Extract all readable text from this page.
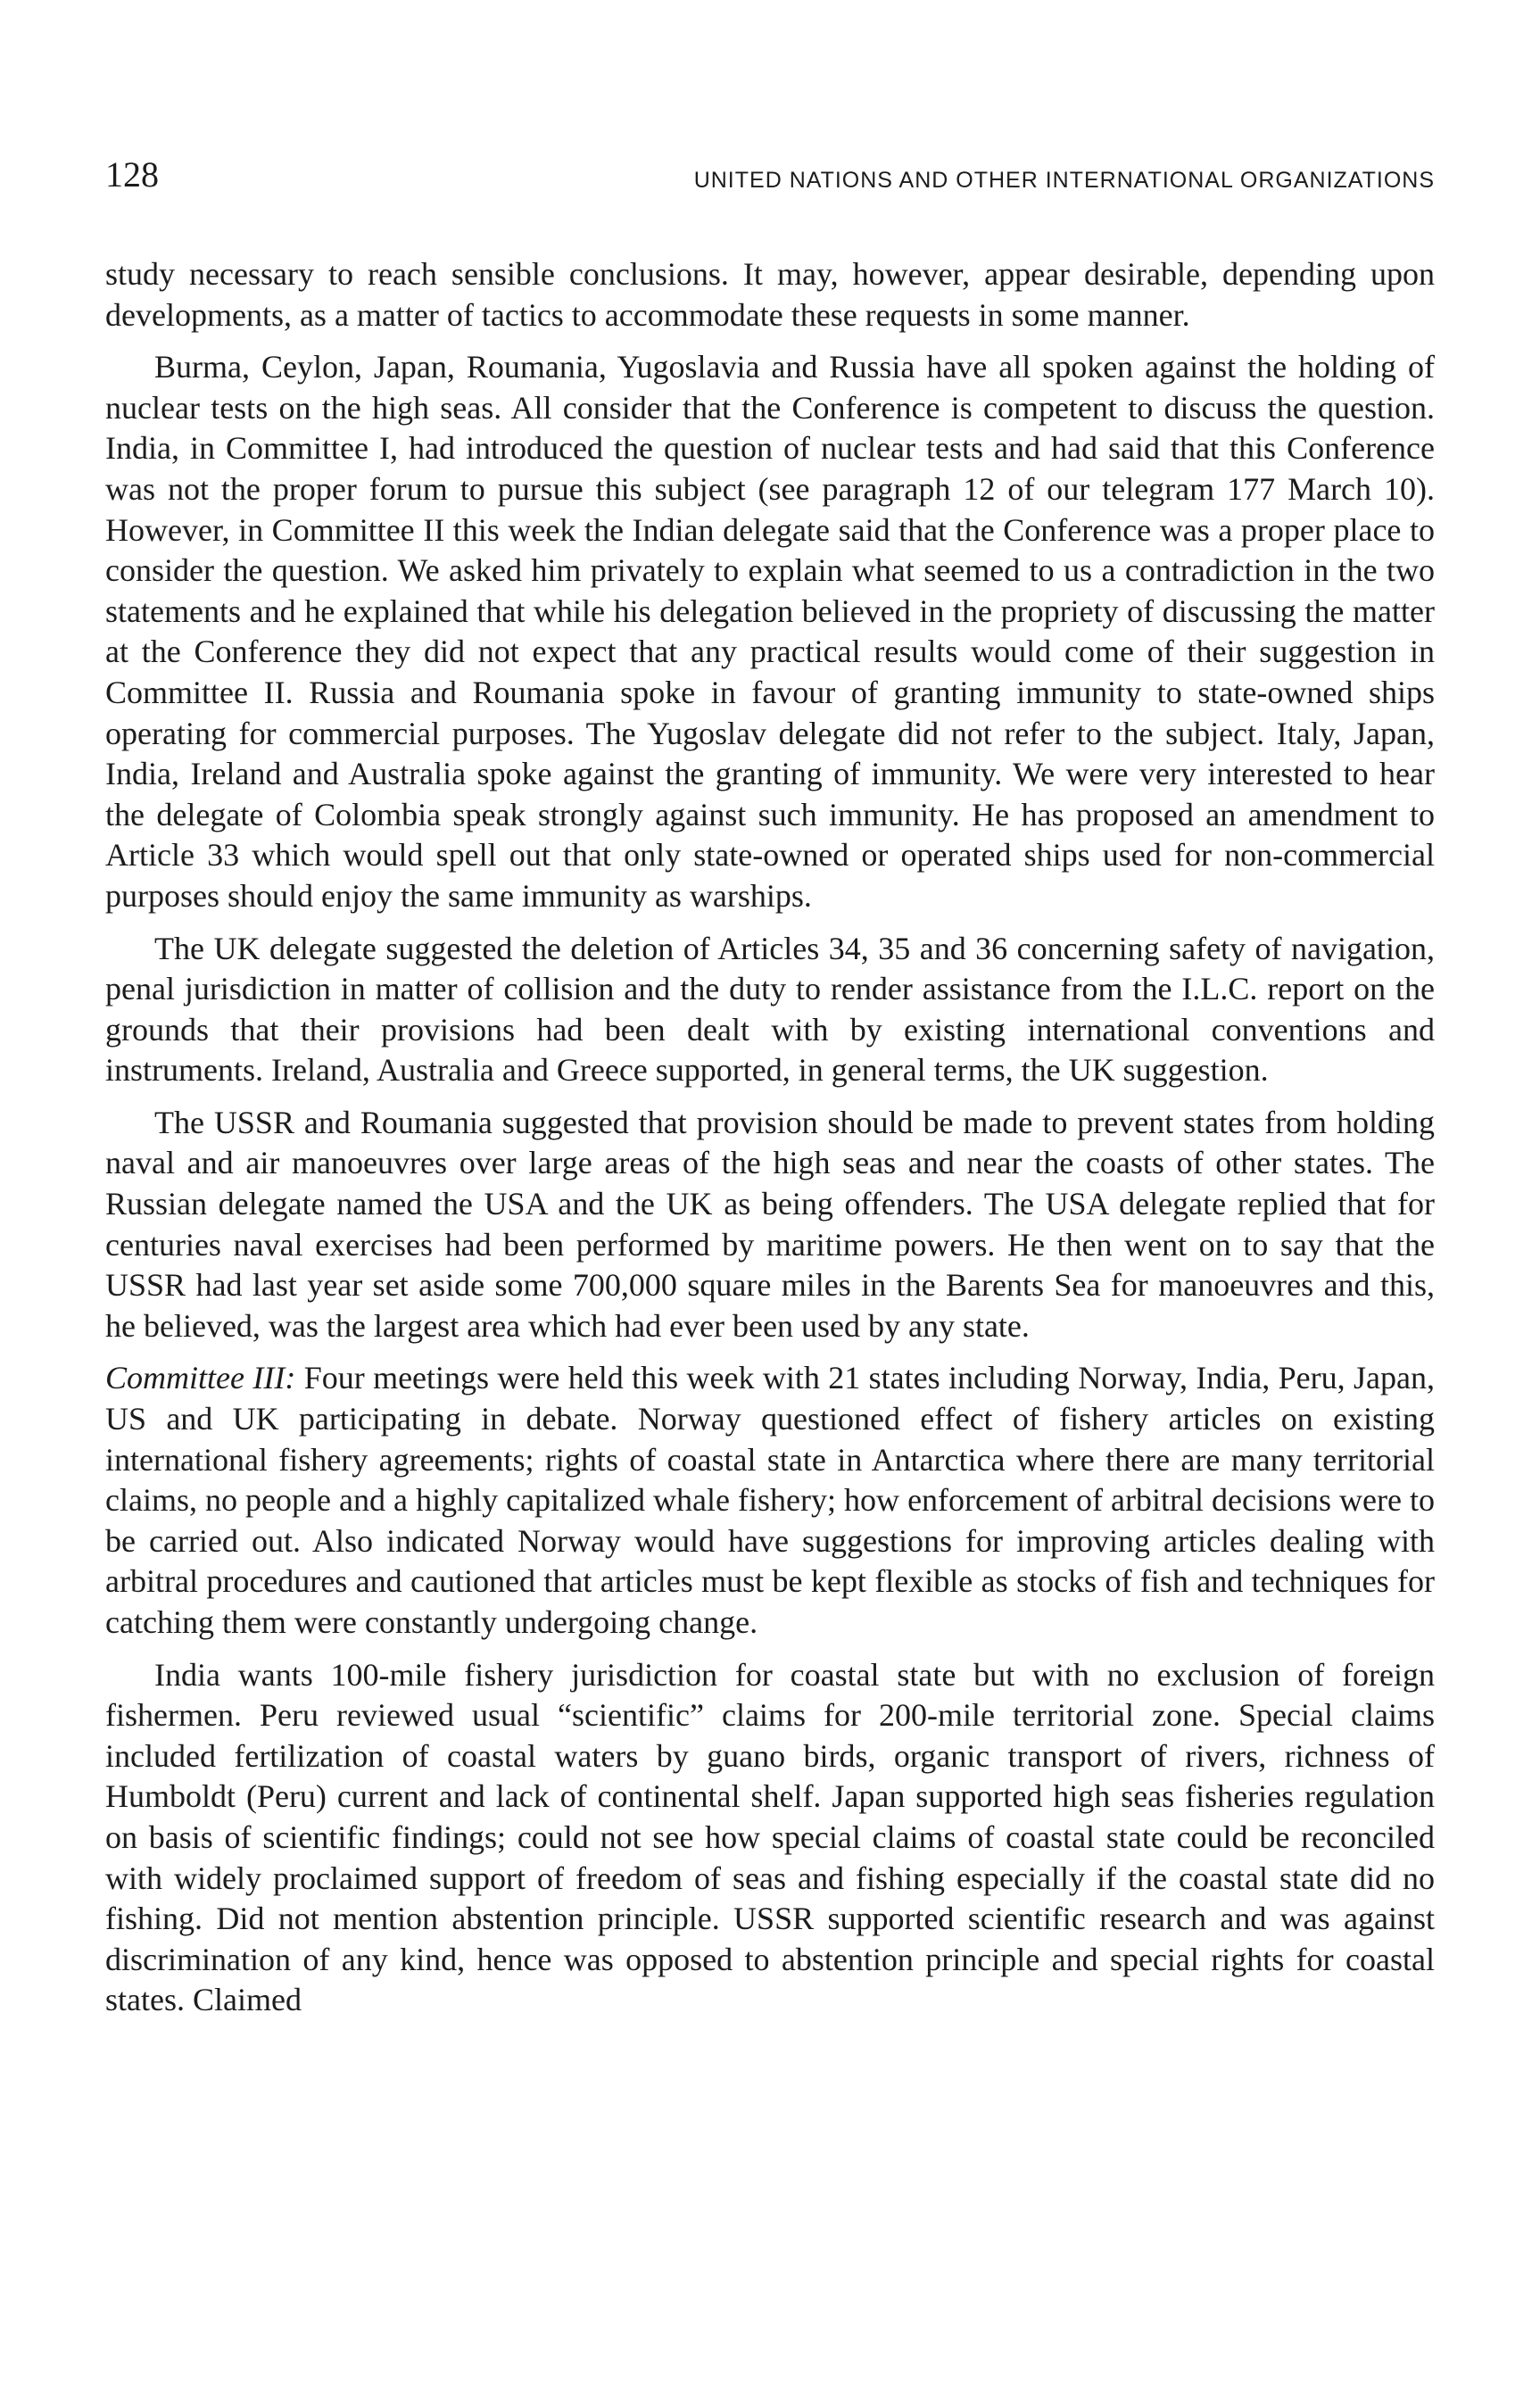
128	UNITED NATIONS AND OTHER INTERNATIONAL ORGANIZATIONS

study necessary to reach sensible conclusions. It may, however, appear desirable, depending upon developments, as a matter of tactics to accommodate these requests in some manner.

Burma, Ceylon, Japan, Roumania, Yugoslavia and Russia have all spoken against the holding of nuclear tests on the high seas. All consider that the Conference is competent to discuss the question. India, in Committee I, had introduced the question of nuclear tests and had said that this Conference was not the proper forum to pursue this subject (see paragraph 12 of our telegram 177 March 10). However, in Committee II this week the Indian delegate said that the Conference was a proper place to consider the question. We asked him privately to explain what seemed to us a contradiction in the two statements and he explained that while his delegation believed in the propriety of discussing the matter at the Conference they did not expect that any practical results would come of their suggestion in Committee II. Russia and Roumania spoke in favour of granting immunity to state-owned ships operating for commercial purposes. The Yugoslav delegate did not refer to the subject. Italy, Japan, India, Ireland and Australia spoke against the granting of immunity. We were very interested to hear the delegate of Colombia speak strongly against such immunity. He has proposed an amendment to Article 33 which would spell out that only state-owned or operated ships used for non-commercial purposes should enjoy the same immunity as warships.

The UK delegate suggested the deletion of Articles 34, 35 and 36 concerning safety of navigation, penal jurisdiction in matter of collision and the duty to render assistance from the I.L.C. report on the grounds that their provisions had been dealt with by existing international conventions and instruments. Ireland, Australia and Greece supported, in general terms, the UK suggestion.

The USSR and Roumania suggested that provision should be made to prevent states from holding naval and air manoeuvres over large areas of the high seas and near the coasts of other states. The Russian delegate named the USA and the UK as being offenders. The USA delegate replied that for centuries naval exercises had been performed by maritime powers. He then went on to say that the USSR had last year set aside some 700,000 square miles in the Barents Sea for manoeuvres and this, he believed, was the largest area which had ever been used by any state.

Committee III: Four meetings were held this week with 21 states including Norway, India, Peru, Japan, US and UK participating in debate. Norway questioned effect of fishery articles on existing international fishery agreements; rights of coastal state in Antarctica where there are many territorial claims, no people and a highly capitalized whale fishery; how enforcement of arbitral decisions were to be carried out. Also indicated Norway would have suggestions for improving articles dealing with arbitral procedures and cautioned that articles must be kept flexible as stocks of fish and techniques for catching them were constantly undergoing change.

India wants 100-mile fishery jurisdiction for coastal state but with no exclusion of foreign fishermen. Peru reviewed usual “scientific” claims for 200-mile territorial zone. Special claims included fertilization of coastal waters by guano birds, organic transport of rivers, richness of Humboldt (Peru) current and lack of continental shelf. Japan supported high seas fisheries regulation on basis of scientific findings; could not see how special claims of coastal state could be reconciled with widely proclaimed support of freedom of seas and fishing especially if the coastal state did no fishing. Did not mention abstention principle. USSR supported scientific research and was against discrimination of any kind, hence was opposed to abstention principle and special rights for coastal states. Claimed
